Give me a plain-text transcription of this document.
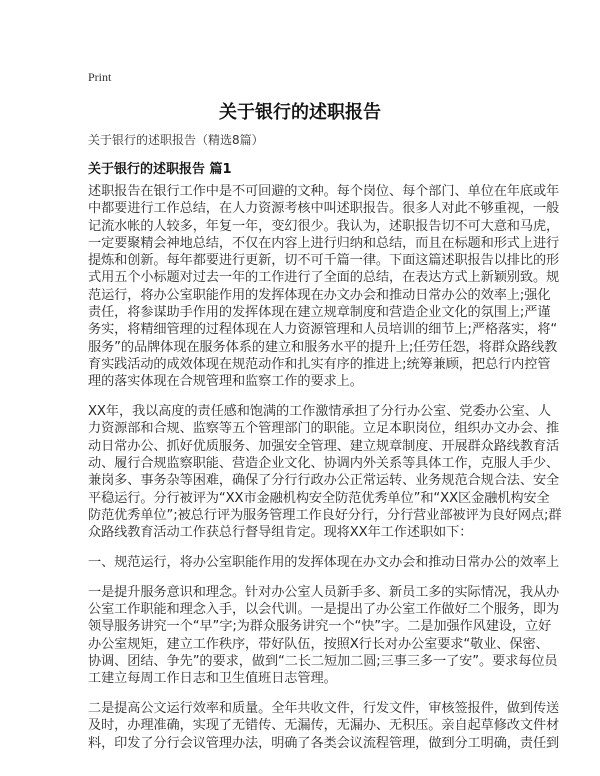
Print
关于银行的述职报告
关于银行的述职报告（精选8篇）
关于银行的述职报告 篇1
述职报告在银行工作中是不可回避的文种。每个岗位、每个部门、单位在年底或年
中都要进行工作总结，在人力资源考核中叫述职报告。很多人对此不够重视，一般
记流水帐的人较多，年复一年，变幻很少。我认为，述职报告切不可大意和马虎，
一定要聚精会神地总结，不仅在内容上进行归纳和总结，而且在标题和形式上进行
提炼和创新。每年都要进行更新，切不可千篇一律。下面这篇述职报告以排比的形
式用五个小标题对过去一年的工作进行了全面的总结，在表达方式上新颖别致。规
范运行，将办公室职能作用的发挥体现在办文办会和推动日常办公的效率上;强化
责任，将参谋助手作用的发挥体现在建立规章制度和营造企业文化的氛围上;严谨
务实，将精细管理的过程体现在人力资源管理和人员培训的细节上;严格落实，将“
服务”的品牌体现在服务体系的建立和服务水平的提升上;任劳任怨，将群众路线教
育实践活动的成效体现在规范动作和扎实有序的推进上;统筹兼顾，把总行内控管
理的落实体现在合规管理和监察工作的要求上。
XX年，我以高度的责任感和饱满的工作激情承担了分行办公室、党委办公室、人
力资源部和合规、监察等五个管理部门的职能。立足本职岗位，组织办文办会、推
动日常办公、抓好优质服务、加强安全管理、建立规章制度、开展群众路线教育活
动、履行合规监察职能、营造企业文化、协调内外关系等具体工作，克服人手少、
兼岗多、事务杂等困难，确保了分行行政办公正常运转、业务规范合规合法、安全
平稳运行。分行被评为“XX市金融机构安全防范优秀单位”和“XX区金融机构安全
防范优秀单位”;被总行评为服务管理工作良好分行，分行营业部被评为良好网点;群
众路线教育活动工作获总行督导组肯定。现将XX年工作述职如下：
一、规范运行，将办公室职能作用的发挥体现在办文办会和推动日常办公的效率上
一是提升服务意识和理念。针对办公室人员新手多、新员工多的实际情况，我从办
公室工作职能和理念入手，以会代训。一是提出了办公室工作做好二个服务，即为
领导服务讲究一个“早”字;为群众服务讲究一个“快”字。二是加强作风建设，立好
办公室规矩，建立工作秩序，带好队伍，按照X行长对办公室要求“敬业、保密、
协调、团结、争先”的要求，做到“二长二短加二圆;三事三多一了安”。要求每位员
工建立每周工作日志和卫生值班日志管理。
二是提高公文运行效率和质量。全年共收文件，行发文件，审核签报件，做到传送
及时，办理准确，实现了无错传、无漏传，无漏办、无积压。亲自起草修改文件材
料，印发了分行会议管理办法，明确了各类会议流程管理，做到分工明确，责任到
